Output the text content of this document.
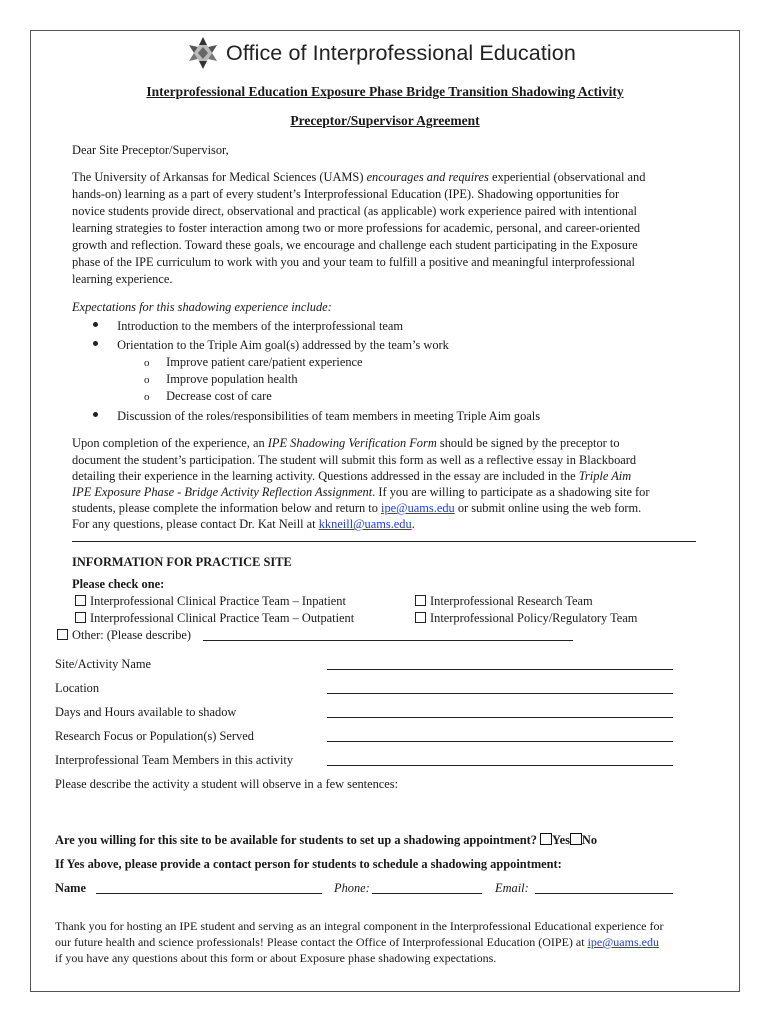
Office of Interprofessional Education
Interprofessional Education Exposure Phase Bridge Transition Shadowing Activity
Preceptor/Supervisor Agreement
Dear Site Preceptor/Supervisor,
The University of Arkansas for Medical Sciences (UAMS) encourages and requires experiential (observational and
hands-on) learning as a part of every student’s Interprofessional Education (IPE). Shadowing opportunities for
novice students provide direct, observational and practical (as applicable) work experience paired with intentional
learning strategies to foster interaction among two or more professions for academic, personal, and career-oriented
growth and reflection. Toward these goals, we encourage and challenge each student participating in the Exposure
phase of the IPE curriculum to work with you and your team to fulfill a positive and meaningful interprofessional
learning experience.
Expectations for this shadowing experience include:
Introduction to the members of the interprofessional team
Orientation to the Triple Aim goal(s) addressed by the team’s work
o Improve patient care/patient experience
o Improve population health
o Decrease cost of care
Discussion of the roles/responsibilities of team members in meeting Triple Aim goals
Upon completion of the experience, an IPE Shadowing Verification Form should be signed by the preceptor to
document the student’s participation. The student will submit this form as well as a reflective essay in Blackboard
detailing their experience in the learning activity. Questions addressed in the essay are included in the Triple Aim
IPE Exposure Phase - Bridge Activity Reflection Assignment. If you are willing to participate as a shadowing site for
students, please complete the information below and return to ipe@uams.edu or submit online using the web form.
For any questions, please contact Dr. Kat Neill at kkneill@uams.edu.
INFORMATION FOR PRACTICE SITE
Please check one:
Interprofessional Clinical Practice Team – Inpatient
Interprofessional Clinical Practice Team – Outpatient
Interprofessional Research Team
Interprofessional Policy/Regulatory Team
Other: (Please describe)
Site/Activity Name
Location
Days and Hours available to shadow
Research Focus or Population(s) Served
Interprofessional Team Members in this activity
Please describe the activity a student will observe in a few sentences:
Are you willing for this site to be available for students to set up a shadowing appointment? Yes No
If Yes above, please provide a contact person for students to schedule a shadowing appointment:
Name	Phone:	Email:
Thank you for hosting an IPE student and serving as an integral component in the Interprofessional Educational experience for
our future health and science professionals! Please contact the Office of Interprofessional Education (OIPE) at ipe@uams.edu
if you have any questions about this form or about Exposure phase shadowing expectations.
